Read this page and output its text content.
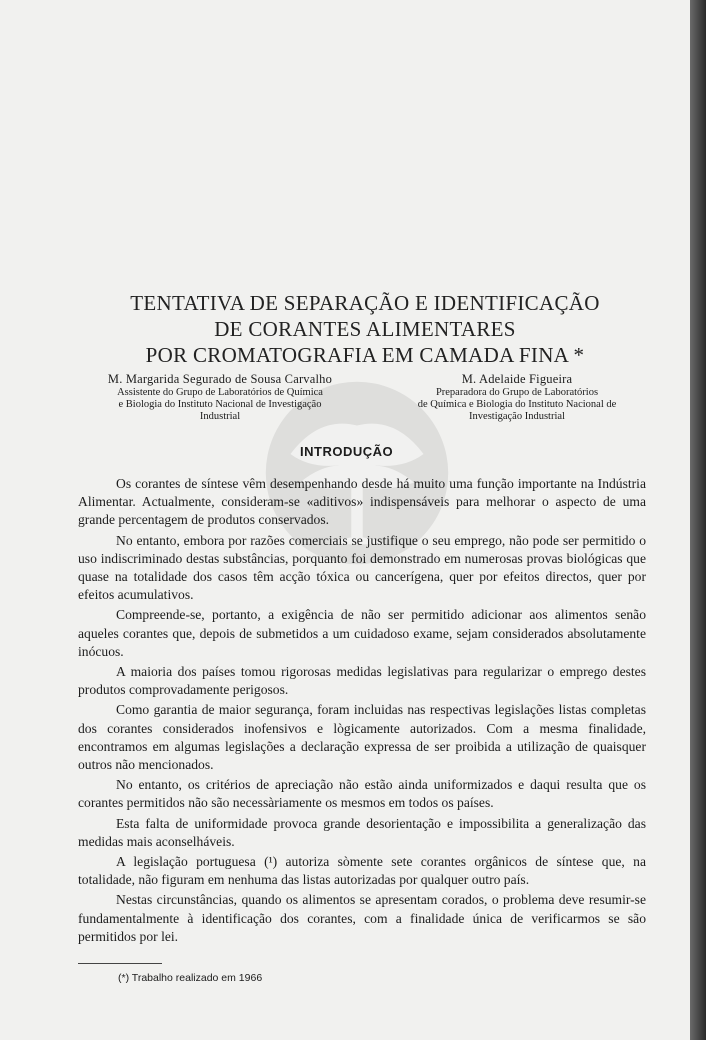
TENTATIVA DE SEPARAÇÃO E IDENTIFICAÇÃO
DE CORANTES ALIMENTARES
POR CROMATOGRAFIA EM CAMADA FINA *
M. Margarida Segurado de Sousa Carvalho
Assistente do Grupo de Laboratórios de Química
e Biologia do Instituto Nacional de Investigação
Industrial
M. Adelaide Figueira
Preparadora do Grupo de Laboratórios
de Química e Biologia do Instituto Nacional de
Investigação Industrial
INTRODUÇÃO

Os corantes de síntese vêm desempenhando desde há muito uma função importante na Indústria Alimentar. Actualmente, consideram-se «aditivos» indispensáveis para melhorar o aspecto de uma grande percentagem de produtos conservados.

No entanto, embora por razões comerciais se justifique o seu emprego, não pode ser permitido o uso indiscriminado destas substâncias, porquanto foi demonstrado em numerosas provas biológicas que quase na totalidade dos casos têm acção tóxica ou cancerígena, quer por efeitos directos, quer por efeitos acumulativos.

Compreende-se, portanto, a exigência de não ser permitido adicionar aos alimentos senão aqueles corantes que, depois de submetidos a um cuidadoso exame, sejam considerados absolutamente inócuos.

A maioria dos países tomou rigorosas medidas legislativas para regularizar o emprego destes produtos comprovadamente perigosos.

Como garantia de maior segurança, foram incluidas nas respectivas legislações listas completas dos corantes considerados inofensivos e lògicamente autorizados. Com a mesma finalidade, encontramos em algumas legislações a declaração expressa de ser proibida a utilização de quaisquer outros não mencionados.

No entanto, os critérios de apreciação não estão ainda uniformizados e daqui resulta que os corantes permitidos não são necessàriamente os mesmos em todos os países.

Esta falta de uniformidade provoca grande desorientação e impossibilita a generalização das medidas mais aconselháveis.

A legislação portuguesa (¹) autoriza sòmente sete corantes orgânicos de síntese que, na totalidade, não figuram em nenhuma das listas autorizadas por qualquer outro país.

Nestas circunstâncias, quando os alimentos se apresentam corados, o problema deve resumir-se fundamentalmente à identificação dos corantes, com a finalidade única de verificarmos se são permitidos por lei.

(*) Trabalho realizado em 1966
